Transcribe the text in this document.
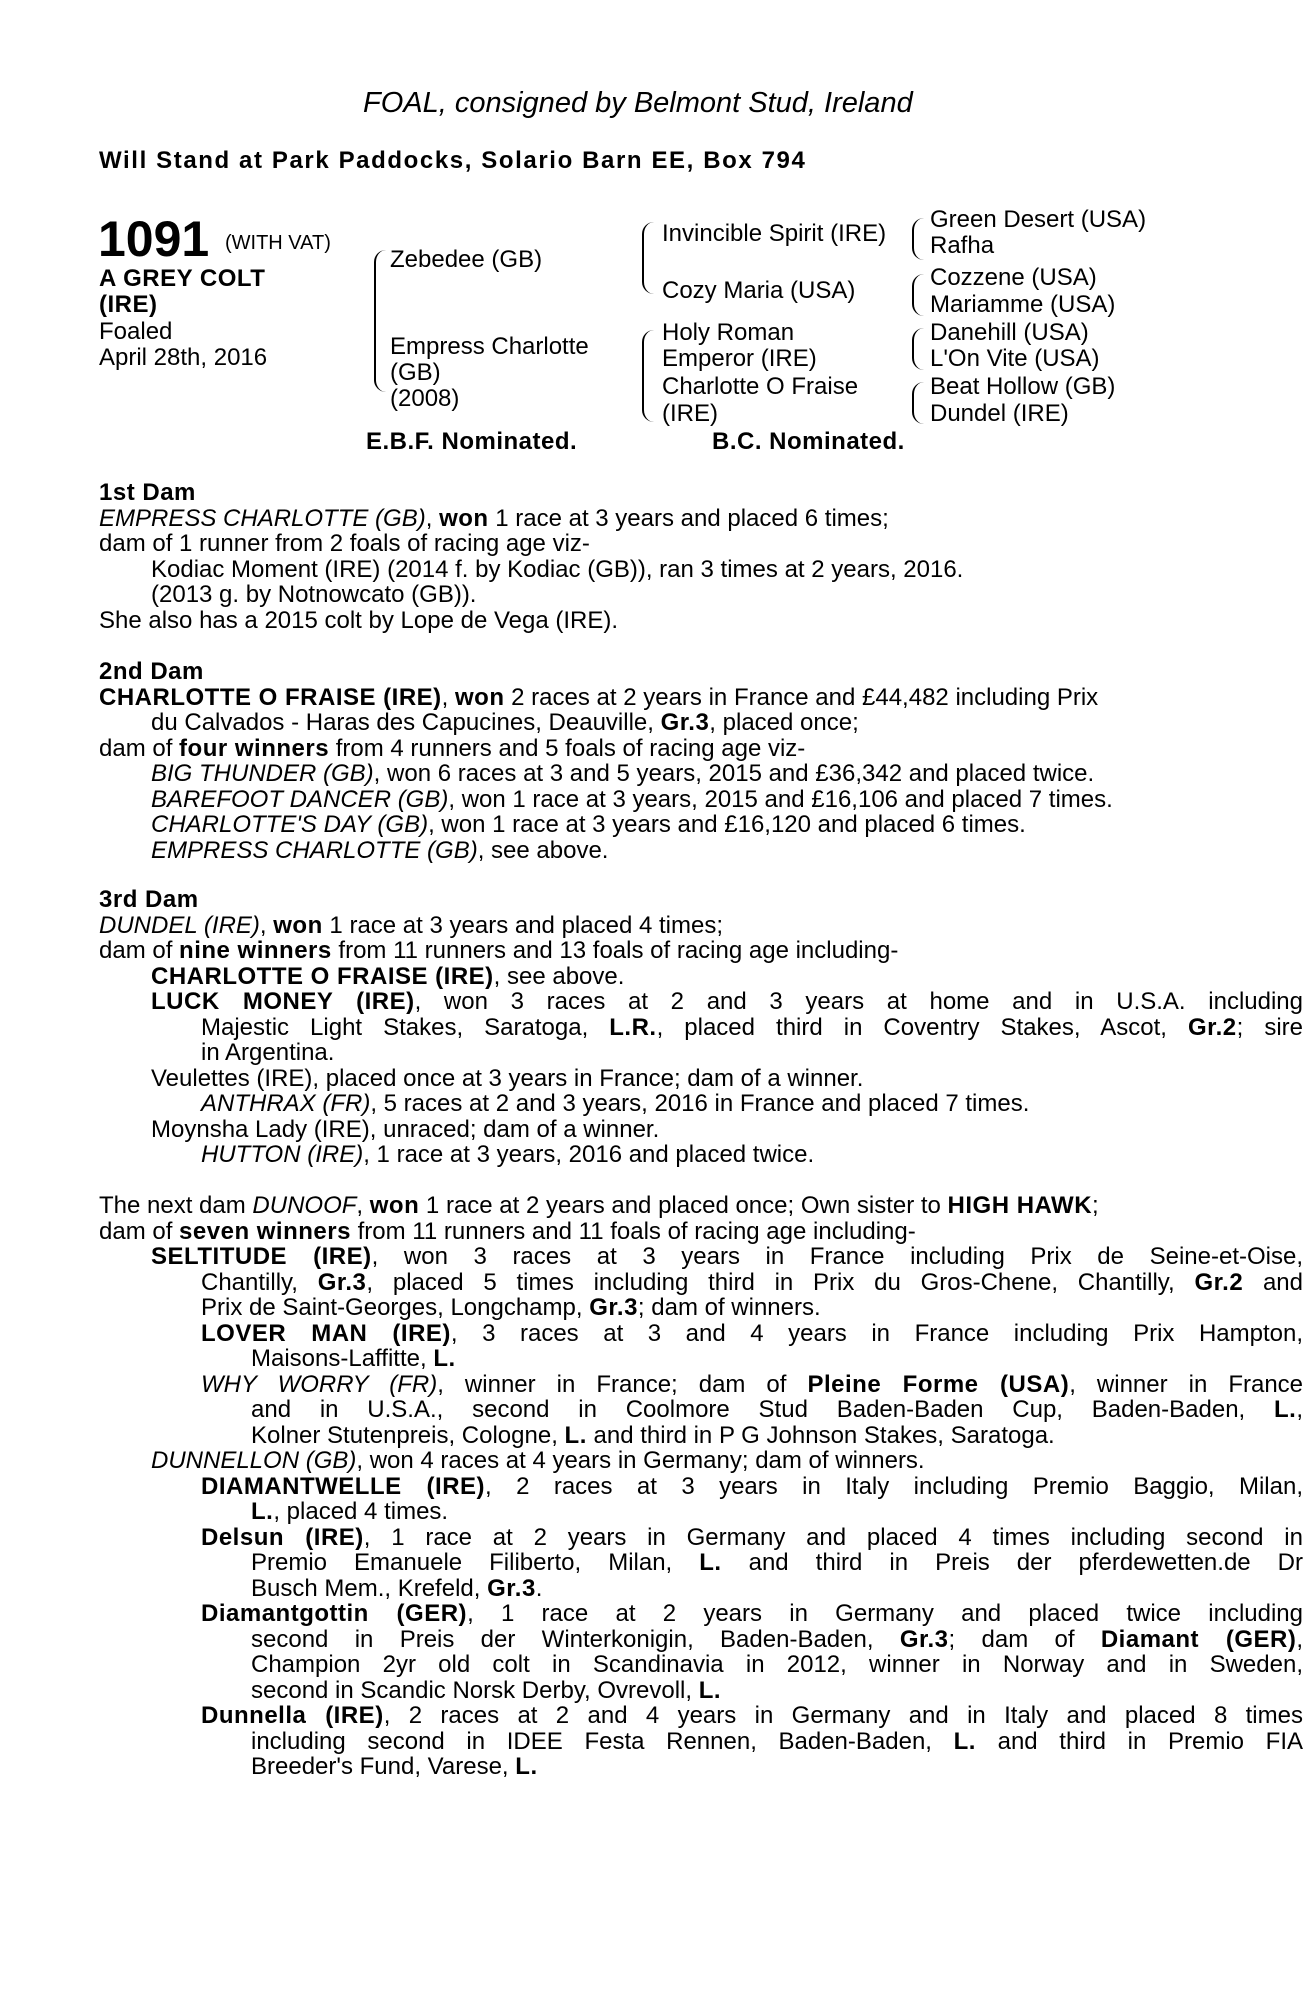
FOAL, consigned by Belmont Stud, Ireland
Will Stand at Park Paddocks, Solario Barn EE, Box 794
1091 (WITH VAT)
A GREY COLT
(IRE)
Foaled
April 28th, 2016
Zebedee (GB)
Empress Charlotte
(GB)
(2008)
Invincible Spirit (IRE)
Cozy Maria (USA)
Holy Roman
Emperor (IRE)
Charlotte O Fraise
(IRE)
Green Desert (USA)
Rafha
Cozzene (USA)
Mariamme (USA)
Danehill (USA)
L'On Vite (USA)
Beat Hollow (GB)
Dundel (IRE)
E.B.F. Nominated.	B.C. Nominated.
1st Dam
EMPRESS CHARLOTTE (GB), won 1 race at 3 years and placed 6 times;
dam of 1 runner from 2 foals of racing age viz-
Kodiac Moment (IRE) (2014 f. by Kodiac (GB)), ran 3 times at 2 years, 2016.
(2013 g. by Notnowcato (GB)).
She also has a 2015 colt by Lope de Vega (IRE).
2nd Dam
CHARLOTTE O FRAISE (IRE), won 2 races at 2 years in France and £44,482 including Prix
du Calvados - Haras des Capucines, Deauville, Gr.3, placed once;
dam of four winners from 4 runners and 5 foals of racing age viz-
BIG THUNDER (GB), won 6 races at 3 and 5 years, 2015 and £36,342 and placed twice.
BAREFOOT DANCER (GB), won 1 race at 3 years, 2015 and £16,106 and placed 7 times.
CHARLOTTE'S DAY (GB), won 1 race at 3 years and £16,120 and placed 6 times.
EMPRESS CHARLOTTE (GB), see above.
3rd Dam
DUNDEL (IRE), won 1 race at 3 years and placed 4 times;
dam of nine winners from 11 runners and 13 foals of racing age including-
CHARLOTTE O FRAISE (IRE), see above.
LUCK MONEY (IRE), won 3 races at 2 and 3 years at home and in U.S.A. including
Majestic Light Stakes, Saratoga, L.R., placed third in Coventry Stakes, Ascot, Gr.2; sire
in Argentina.
Veulettes (IRE), placed once at 3 years in France; dam of a winner.
ANTHRAX (FR), 5 races at 2 and 3 years, 2016 in France and placed 7 times.
Moynsha Lady (IRE), unraced; dam of a winner.
HUTTON (IRE), 1 race at 3 years, 2016 and placed twice.
The next dam DUNOOF, won 1 race at 2 years and placed once; Own sister to HIGH HAWK;
dam of seven winners from 11 runners and 11 foals of racing age including-
SELTITUDE (IRE), won 3 races at 3 years in France including Prix de Seine-et-Oise,
Chantilly, Gr.3, placed 5 times including third in Prix du Gros-Chene, Chantilly, Gr.2 and
Prix de Saint-Georges, Longchamp, Gr.3; dam of winners.
LOVER MAN (IRE), 3 races at 3 and 4 years in France including Prix Hampton,
Maisons-Laffitte, L.
WHY WORRY (FR), winner in France; dam of Pleine Forme (USA), winner in France
and in U.S.A., second in Coolmore Stud Baden-Baden Cup, Baden-Baden, L.,
Kolner Stutenpreis, Cologne, L. and third in P G Johnson Stakes, Saratoga.
DUNNELLON (GB), won 4 races at 4 years in Germany; dam of winners.
DIAMANTWELLE (IRE), 2 races at 3 years in Italy including Premio Baggio, Milan,
L., placed 4 times.
Delsun (IRE), 1 race at 2 years in Germany and placed 4 times including second in
Premio Emanuele Filiberto, Milan, L. and third in Preis der pferdewetten.de Dr
Busch Mem., Krefeld, Gr.3.
Diamantgottin (GER), 1 race at 2 years in Germany and placed twice including
second in Preis der Winterkonigin, Baden-Baden, Gr.3; dam of Diamant (GER),
Champion 2yr old colt in Scandinavia in 2012, winner in Norway and in Sweden,
second in Scandic Norsk Derby, Ovrevoll, L.
Dunnella (IRE), 2 races at 2 and 4 years in Germany and in Italy and placed 8 times
including second in IDEE Festa Rennen, Baden-Baden, L. and third in Premio FIA
Breeder's Fund, Varese, L.
